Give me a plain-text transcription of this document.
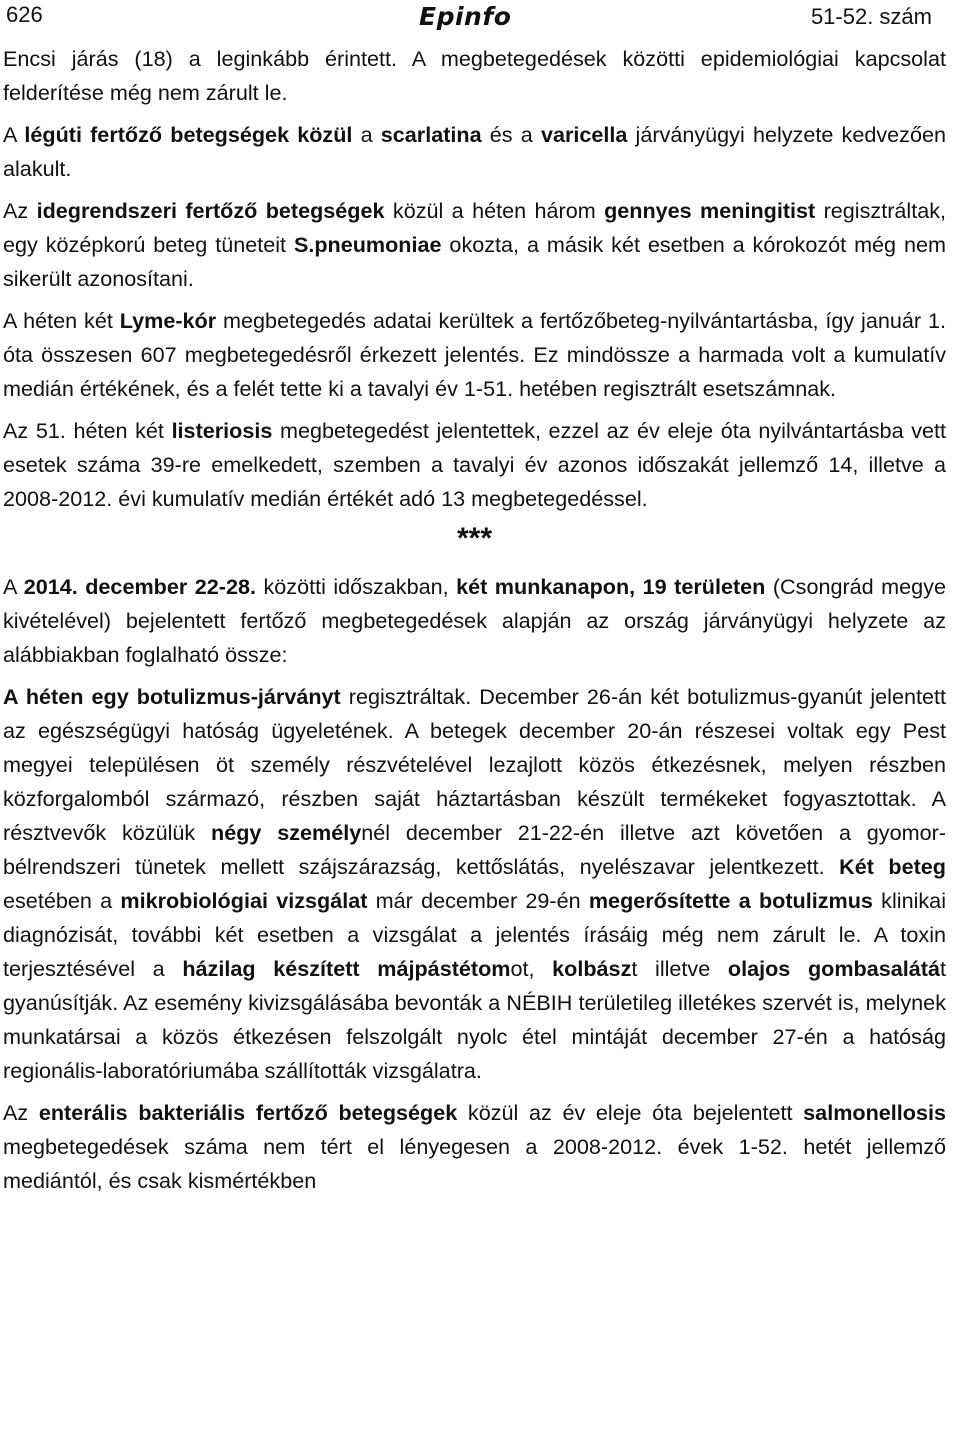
626	Epinfo	51-52. szám

Encsi járás (18) a leginkább érintett. A megbetegedések közötti epidemiológiai kapcsolat felderítése még nem zárult le.

A légúti fertőző betegségek közül a scarlatina és a varicella járványügyi helyzete kedvezően alakult.

Az idegrendszeri fertőző betegségek közül a héten három gennyes meningitist regisztráltak, egy középkorú beteg tüneteit S.pneumoniae okozta, a másik két esetben a kórokozót még nem sikerült azonosítani.

A héten két Lyme-kór megbetegedés adatai kerültek a fertőzőbeteg-nyilvántartásba, így január 1. óta összesen 607 megbetegedésről érkezett jelentés. Ez mindössze a harmada volt a kumulatív medián értékének, és a felét tette ki a tavalyi év 1-51. hetében regisztrált esetszámnak.

Az 51. héten két listeriosis megbetegedést jelentettek, ezzel az év eleje óta nyilvántartásba vett esetek száma 39-re emelkedett, szemben a tavalyi év azonos időszakát jellemző 14, illetve a 2008-2012. évi kumulatív medián értékét adó 13 megbetegedéssel.

***

A 2014. december 22-28. közötti időszakban, két munkanapon, 19 területen (Csongrád megye kivételével) bejelentett fertőző megbetegedések alapján az ország járványügyi helyzete az alábbiakban foglalható össze:

A héten egy botulizmus-járványt regisztráltak. December 26-án két botulizmus-gyanút jelentett az egészségügyi hatóság ügyeletének. A betegek december 20-án részesei voltak egy Pest megyei településen öt személy részvételével lezajlott közös étkezésnek, melyen részben közforgalomból származó, részben saját háztartásban készült termékeket fogyasztottak. A résztvevők közülük négy személynél december 21-22-én illetve azt követően a gyomor-bélrendszeri tünetek mellett szájszárazság, kettőslátás, nyelészavar jelentkezett. Két beteg esetében a mikrobiológiai vizsgálat már december 29-én megerősítette a botulizmus klinikai diagnózisát, további két esetben a vizsgálat a jelentés írásáig még nem zárult le. A toxin terjesztésével a házilag készített májpástétomot, kolbászt illetve olajos gombasalátát gyanúsítják. Az esemény kivizsgálásába bevonták a NÉBIH területileg illetékes szervét is, melynek munkatársai a közös étkezésen felszolgált nyolc étel mintáját december 27-én a hatóság regionális-laboratóriumába szállították vizsgálatra.

Az enterális bakteriális fertőző betegségek közül az év eleje óta bejelentett salmonellosis megbetegedések száma nem tért el lényegesen a 2008-2012. évek 1-52. hetét jellemző mediántól, és csak kismértékben
